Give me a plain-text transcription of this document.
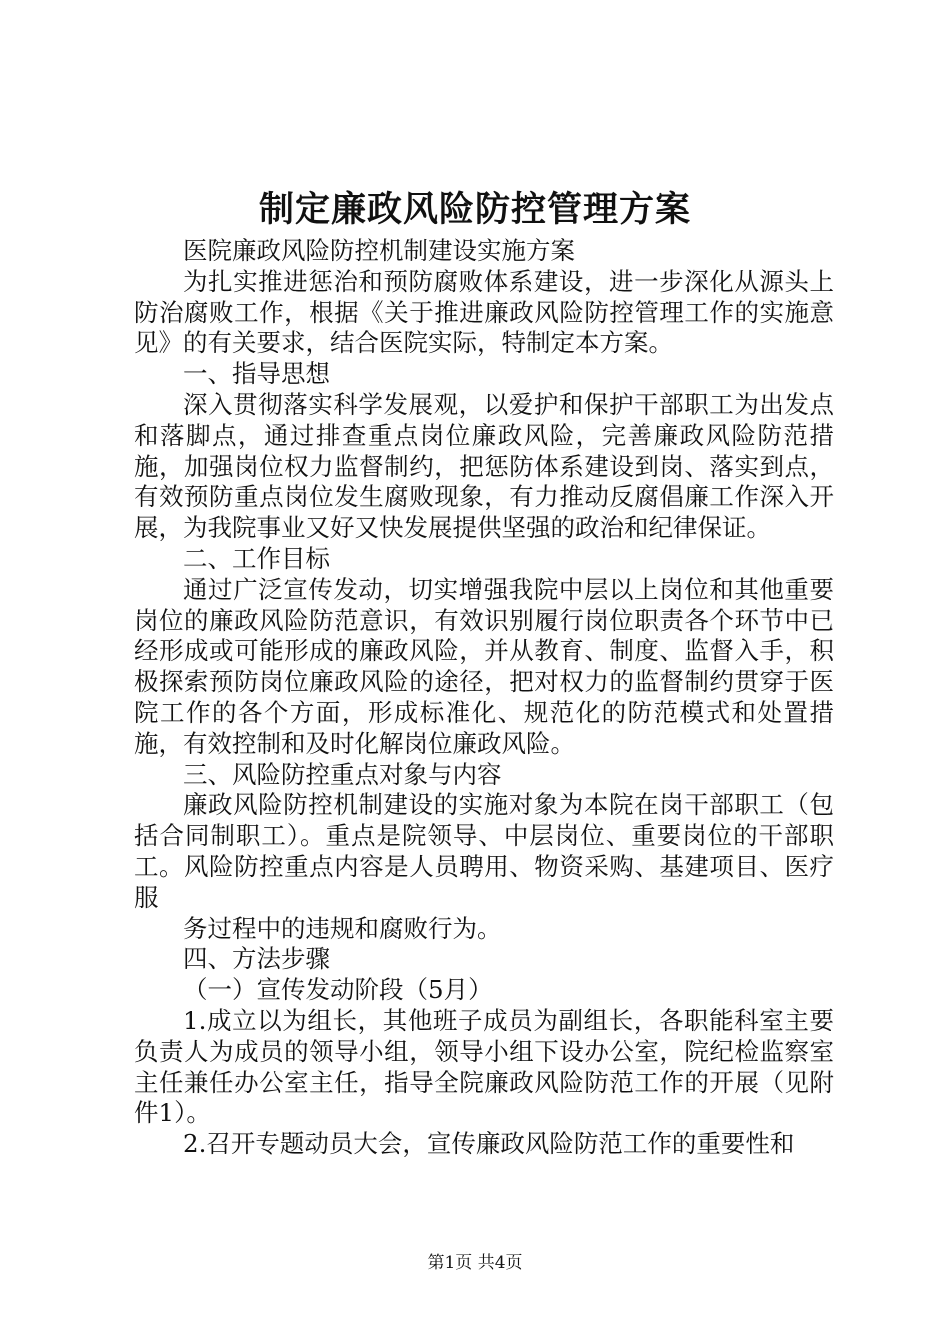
制定廉政风险防控管理方案

医院廉政风险防控机制建设实施方案

为扎实推进惩治和预防腐败体系建设，进一步深化从源头上防治腐败工作，根据《关于推进廉政风险防控管理工作的实施意见》的有关要求，结合医院实际，特制定本方案。

一、指导思想

深入贯彻落实科学发展观，以爱护和保护干部职工为出发点和落脚点，通过排查重点岗位廉政风险，完善廉政风险防范措施，加强岗位权力监督制约，把惩防体系建设到岗、落实到点，有效预防重点岗位发生腐败现象，有力推动反腐倡廉工作深入开展，为我院事业又好又快发展提供坚强的政治和纪律保证。

二、工作目标

通过广泛宣传发动，切实增强我院中层以上岗位和其他重要岗位的廉政风险防范意识，有效识别履行岗位职责各个环节中已经形成或可能形成的廉政风险，并从教育、制度、监督入手，积极探索预防岗位廉政风险的途径，把对权力的监督制约贯穿于医院工作的各个方面，形成标准化、规范化的防范模式和处置措施，有效控制和及时化解岗位廉政风险。

三、风险防控重点对象与内容

廉政风险防控机制建设的实施对象为本院在岗干部职工（包括合同制职工）。重点是院领导、中层岗位、重要岗位的干部职工。风险防控重点内容是人员聘用、物资采购、基建项目、医疗服

务过程中的违规和腐败行为。

四、方法步骤

（一）宣传发动阶段（5月）

1.成立以为组长，其他班子成员为副组长，各职能科室主要负责人为成员的领导小组，领导小组下设办公室，院纪检监察室主任兼任办公室主任，指导全院廉政风险防范工作的开展（见附件1）。

2.召开专题动员大会，宣传廉政风险防范工作的重要性和

第1页 共4页
